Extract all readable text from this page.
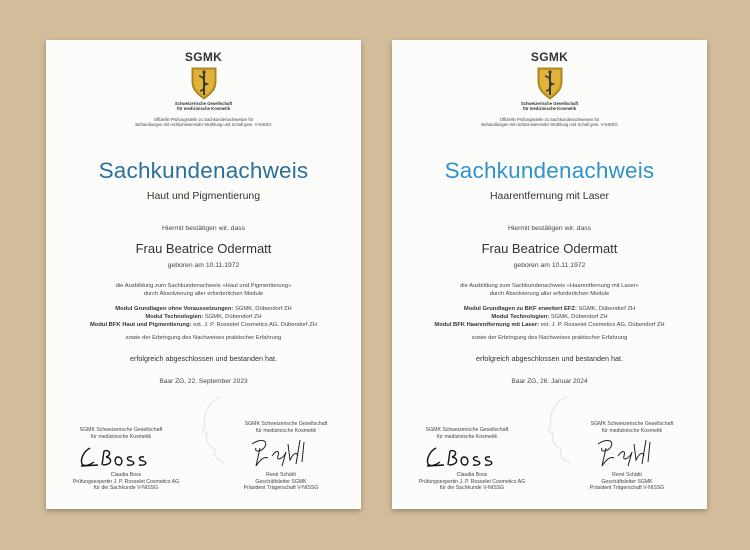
SGMK
Schweizerische Gesellschaft
für medizinische Kosmetik
Offizielle Prüfungsstelle zu Sachkundenachweisen für
Behandlungen mit nichtionisierender Strahlung und Schall gem. V-NISSG
Sachkundenachweis
Haut und Pigmentierung
Hiermit bestätigen wir, dass
Frau Beatrice Odermatt
geboren am 10.11.1972
die Ausbildung zum Sachkundenachweis «Haut und Pigmentierung»
durch Absolvierung aller erforderlichen Module
Modul Grundlagen ohne Voraussetzungen: SGMK, Dübendorf ZH
Modul Technologien: SGMK, Dübendorf ZH
Modul BFK Haut und Pigmentierung: ext. J. P. Rosselet Cosmetics AG, Dübendorf ZH
sowie der Erbringung des Nachweises praktischer Erfahrung
erfolgreich abgeschlossen und bestanden hat.
Baar ZG, 22. September 2023
SGMK Schweizerische Gesellschaft
für medizinische Kosmetik
SGMK Schweizerische Gesellschaft
für medizinische Kosmetik
Claudia Boss
Prüfungsexpertin J. P. Rosselet Cosmetics AG
für die Sachkunde V-NISSG
René Schätti
Geschäftsleiter SGMK
Präsident Trägerschaft V-NISSG
SGMK
Schweizerische Gesellschaft
für medizinische Kosmetik
Offizielle Prüfungsstelle zu Sachkundenachweisen für
Behandlungen mit nichtionisierender Strahlung und Schall gem. V-NISSG
Sachkundenachweis
Haarentfernung mit Laser
Hiermit bestätigen wir, dass
Frau Beatrice Odermatt
geboren am 10.11.1972
die Ausbildung zum Sachkundenachweis «Haarentfernung mit Laser»
durch Absolvierung aller erforderlichen Module
Modul Grundlagen zu BKF erweitert EFZ: SGMK, Dübendorf ZH
Modul Technologien: SGMK, Dübendorf ZH
Modul BFK Haarentfernung mit Laser: ext. J. P. Rosselet Cosmetics AG, Dübendorf ZH
sowie der Erbringung des Nachweises praktischer Erfahrung
erfolgreich abgeschlossen und bestanden hat.
Baar ZG, 26. Januar 2024
SGMK Schweizerische Gesellschaft
für medizinische Kosmetik
SGMK Schweizerische Gesellschaft
für medizinische Kosmetik
Claudia Boss
Prüfungsexpertin J. P. Rosselet Cosmetics AG
für die Sachkunde V-NISSG
René Schätti
Geschäftsleiter SGMK
Präsident Trägerschaft V-NISSG
